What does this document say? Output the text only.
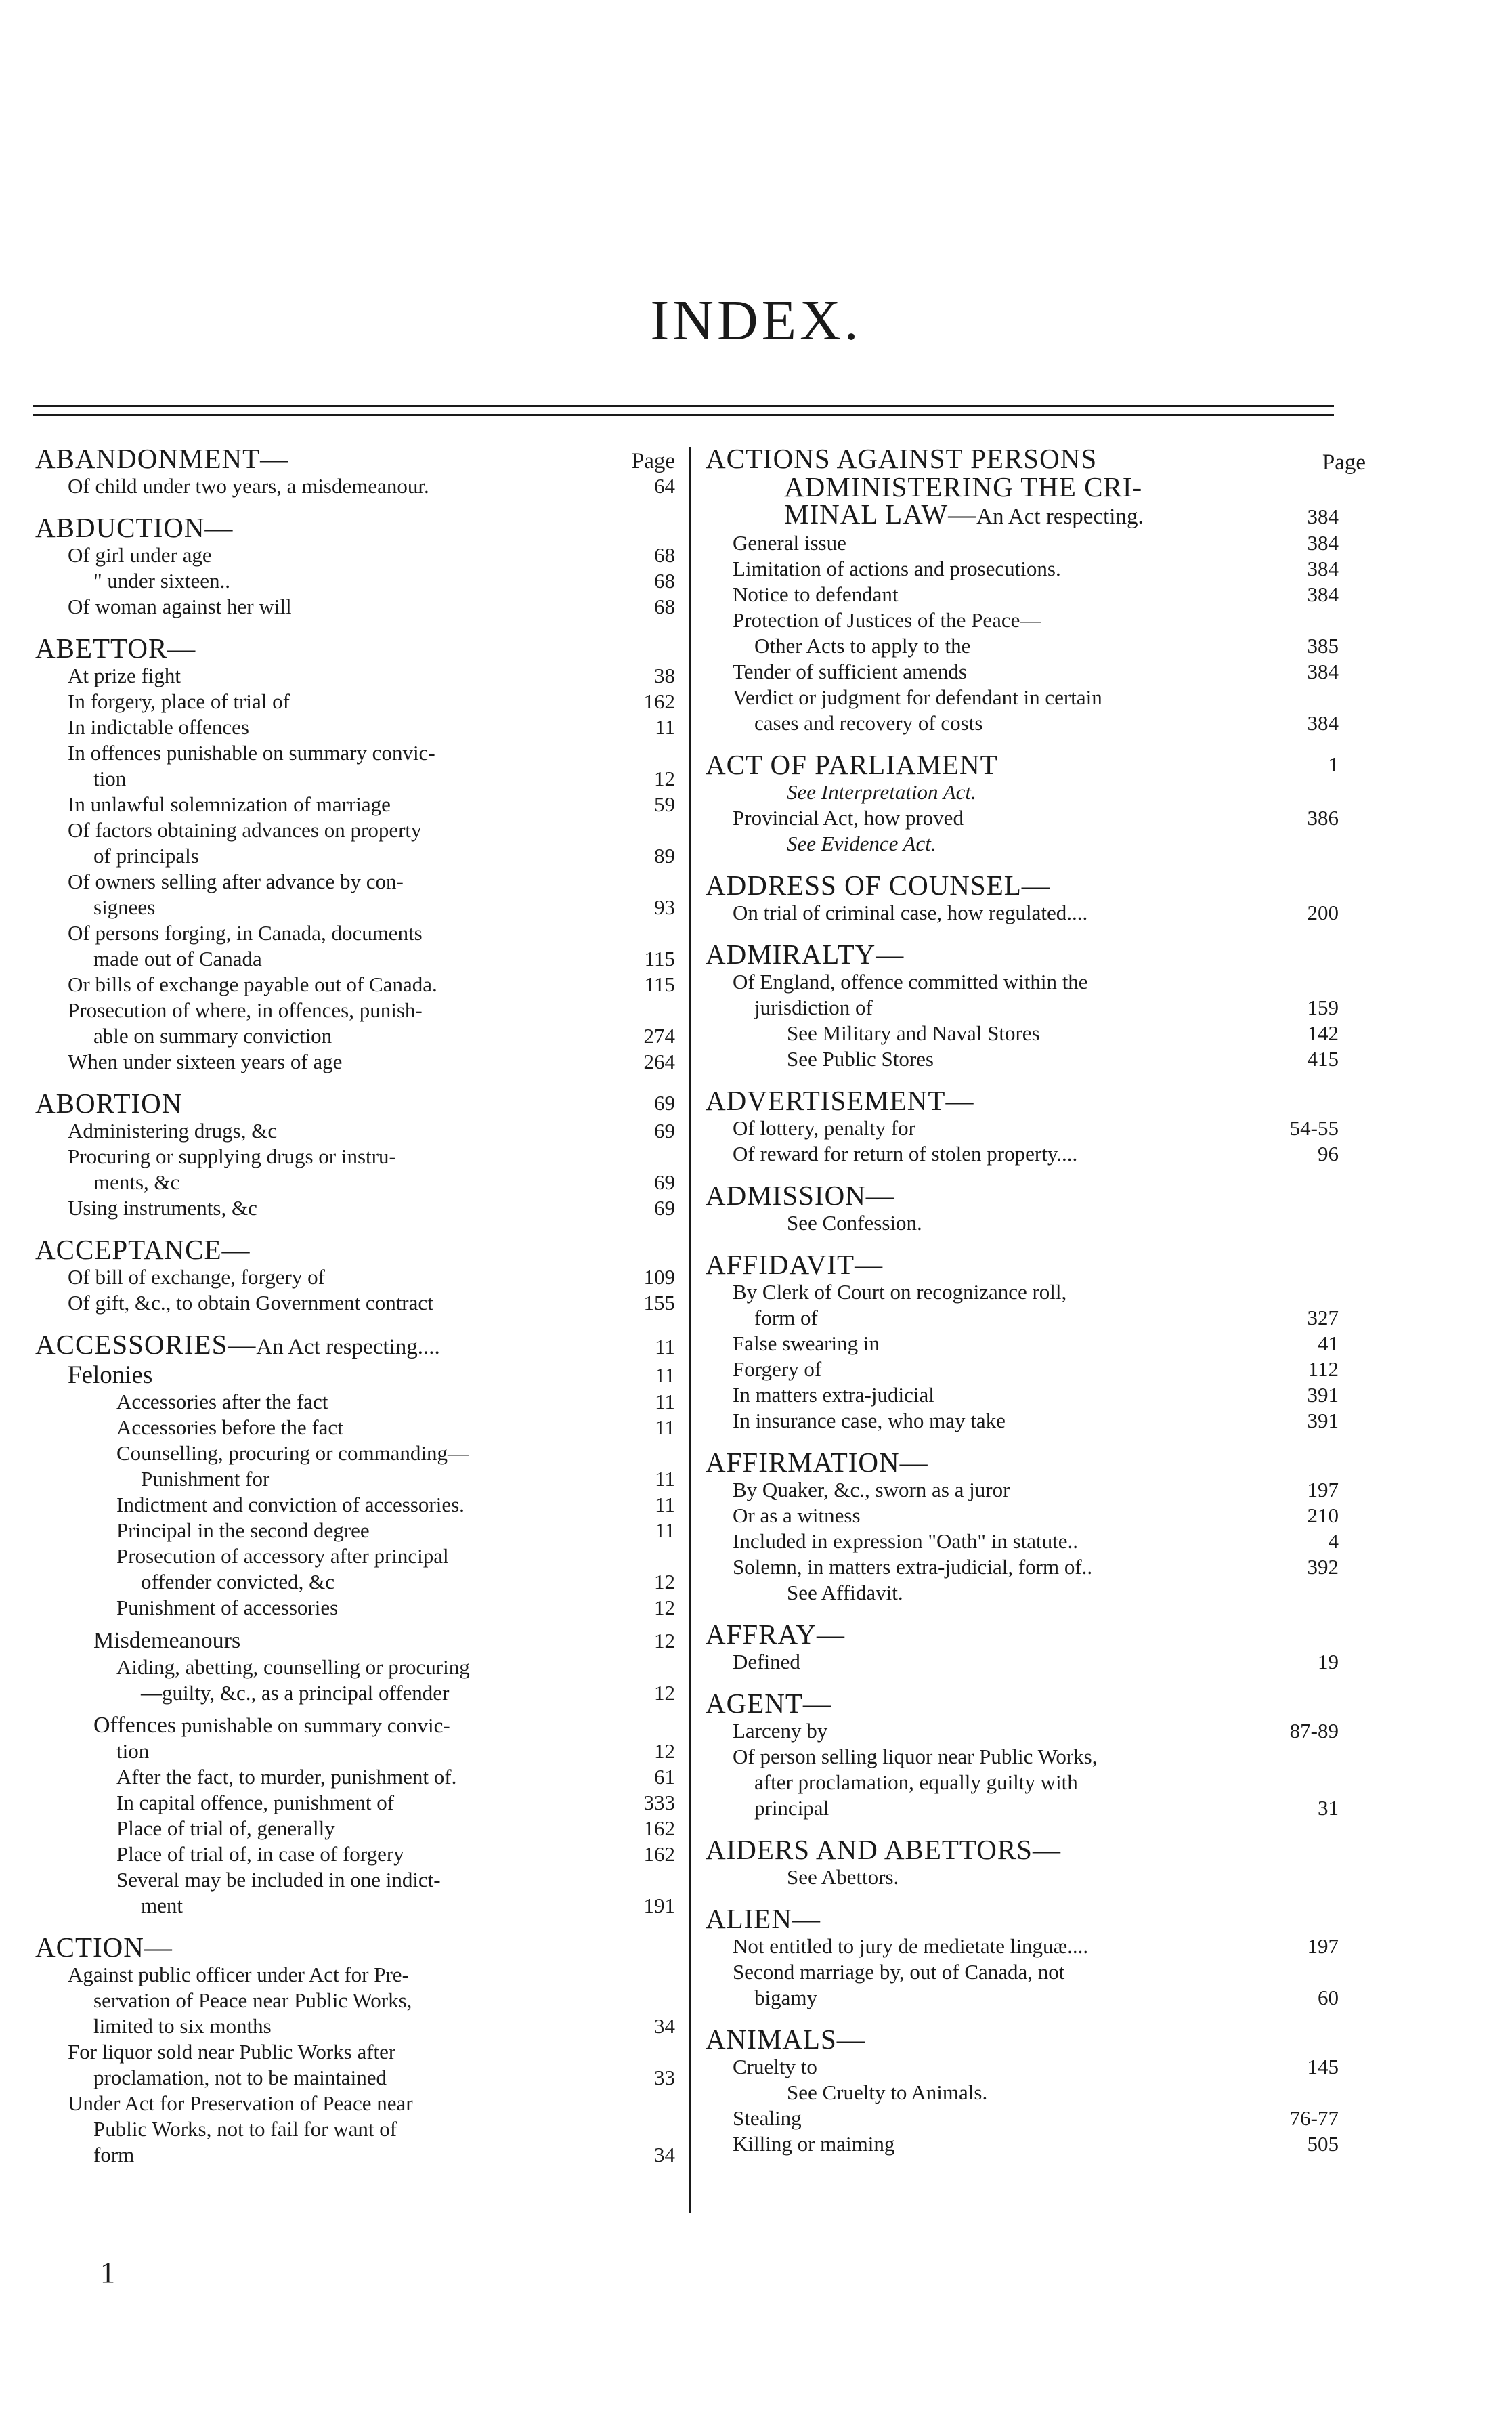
INDEX.
ABANDONMENT—	Page
Of child under two years, a misdemeanour.	64
ABDUCTION—
Of girl under age	68
" under sixteen..	68
Of woman against her will	68
ABETTOR—
At prize fight	38
In forgery, place of trial of	162
In indictable offences	11
In offences punishable on summary convic-
tion	12
In unlawful solemnization of marriage	59
Of factors obtaining advances on property
of principals	89
Of owners selling after advance by con-
signees	93
Of persons forging, in Canada, documents
made out of Canada	115
Or bills of exchange payable out of Canada.	115
Prosecution of where, in offences, punish-
able on summary conviction	274
When under sixteen years of age	264
ABORTION	69
Administering drugs, &c	69
Procuring or supplying drugs or instru-
ments, &c	69
Using instruments, &c	69
ACCEPTANCE—
Of bill of exchange, forgery of	109
Of gift, &c., to obtain Government contract	155
ACCESSORIES—An Act respecting....	11
Felonies	11
Accessories after the fact	11
Accessories before the fact	11
Counselling, procuring or commanding—
Punishment for	11
Indictment and conviction of accessories.	11
Principal in the second degree	11
Prosecution of accessory after principal
offender convicted, &c	12
Punishment of accessories	12
Misdemeanours	12
Aiding, abetting, counselling or procuring
—guilty, &c., as a principal offender	12
Offences punishable on summary convic-
tion	12
After the fact, to murder, punishment of.	61
In capital offence, punishment of	333
Place of trial of, generally	162
Place of trial of, in case of forgery	162
Several may be included in one indict-
ment	191
ACTION—
Against public officer under Act for Pre-
servation of Peace near Public Works,
limited to six months	34
For liquor sold near Public Works after
proclamation, not to be maintained	33
Under Act for Preservation of Peace near
Public Works, not to fail for want of
form	34
ACTIONS AGAINST PERSONS	Page
ADMINISTERING THE CRI-
MINAL LAW—An Act respecting.	384
General issue	384
Limitation of actions and prosecutions.	384
Notice to defendant	384
Protection of Justices of the Peace—
Other Acts to apply to the	385
Tender of sufficient amends	384
Verdict or judgment for defendant in certain
cases and recovery of costs	384
ACT OF PARLIAMENT	1
See Interpretation Act.
Provincial Act, how proved	386
See Evidence Act.
ADDRESS OF COUNSEL—
On trial of criminal case, how regulated....	200
ADMIRALTY—
Of England, offence committed within the
jurisdiction of	159
See Military and Naval Stores	142
See Public Stores	415
ADVERTISEMENT—
Of lottery, penalty for	54-55
Of reward for return of stolen property....	96
ADMISSION—
See Confession.
AFFIDAVIT—
By Clerk of Court on recognizance roll,
form of	327
False swearing in	41
Forgery of	112
In matters extra-judicial	391
In insurance case, who may take	391
AFFIRMATION—
By Quaker, &c., sworn as a juror	197
Or as a witness	210
Included in expression "Oath" in statute..	4
Solemn, in matters extra-judicial, form of..	392
See Affidavit.
AFFRAY—
Defined	19
AGENT—
Larceny by	87-89
Of person selling liquor near Public Works,
after proclamation, equally guilty with
principal	31
AIDERS AND ABETTORS—
See Abettors.
ALIEN—
Not entitled to jury de medietate linguæ....	197
Second marriage by, out of Canada, not
bigamy	60
ANIMALS—
Cruelty to	145
See Cruelty to Animals.
Stealing	76-77
Killing or maiming	505
1
